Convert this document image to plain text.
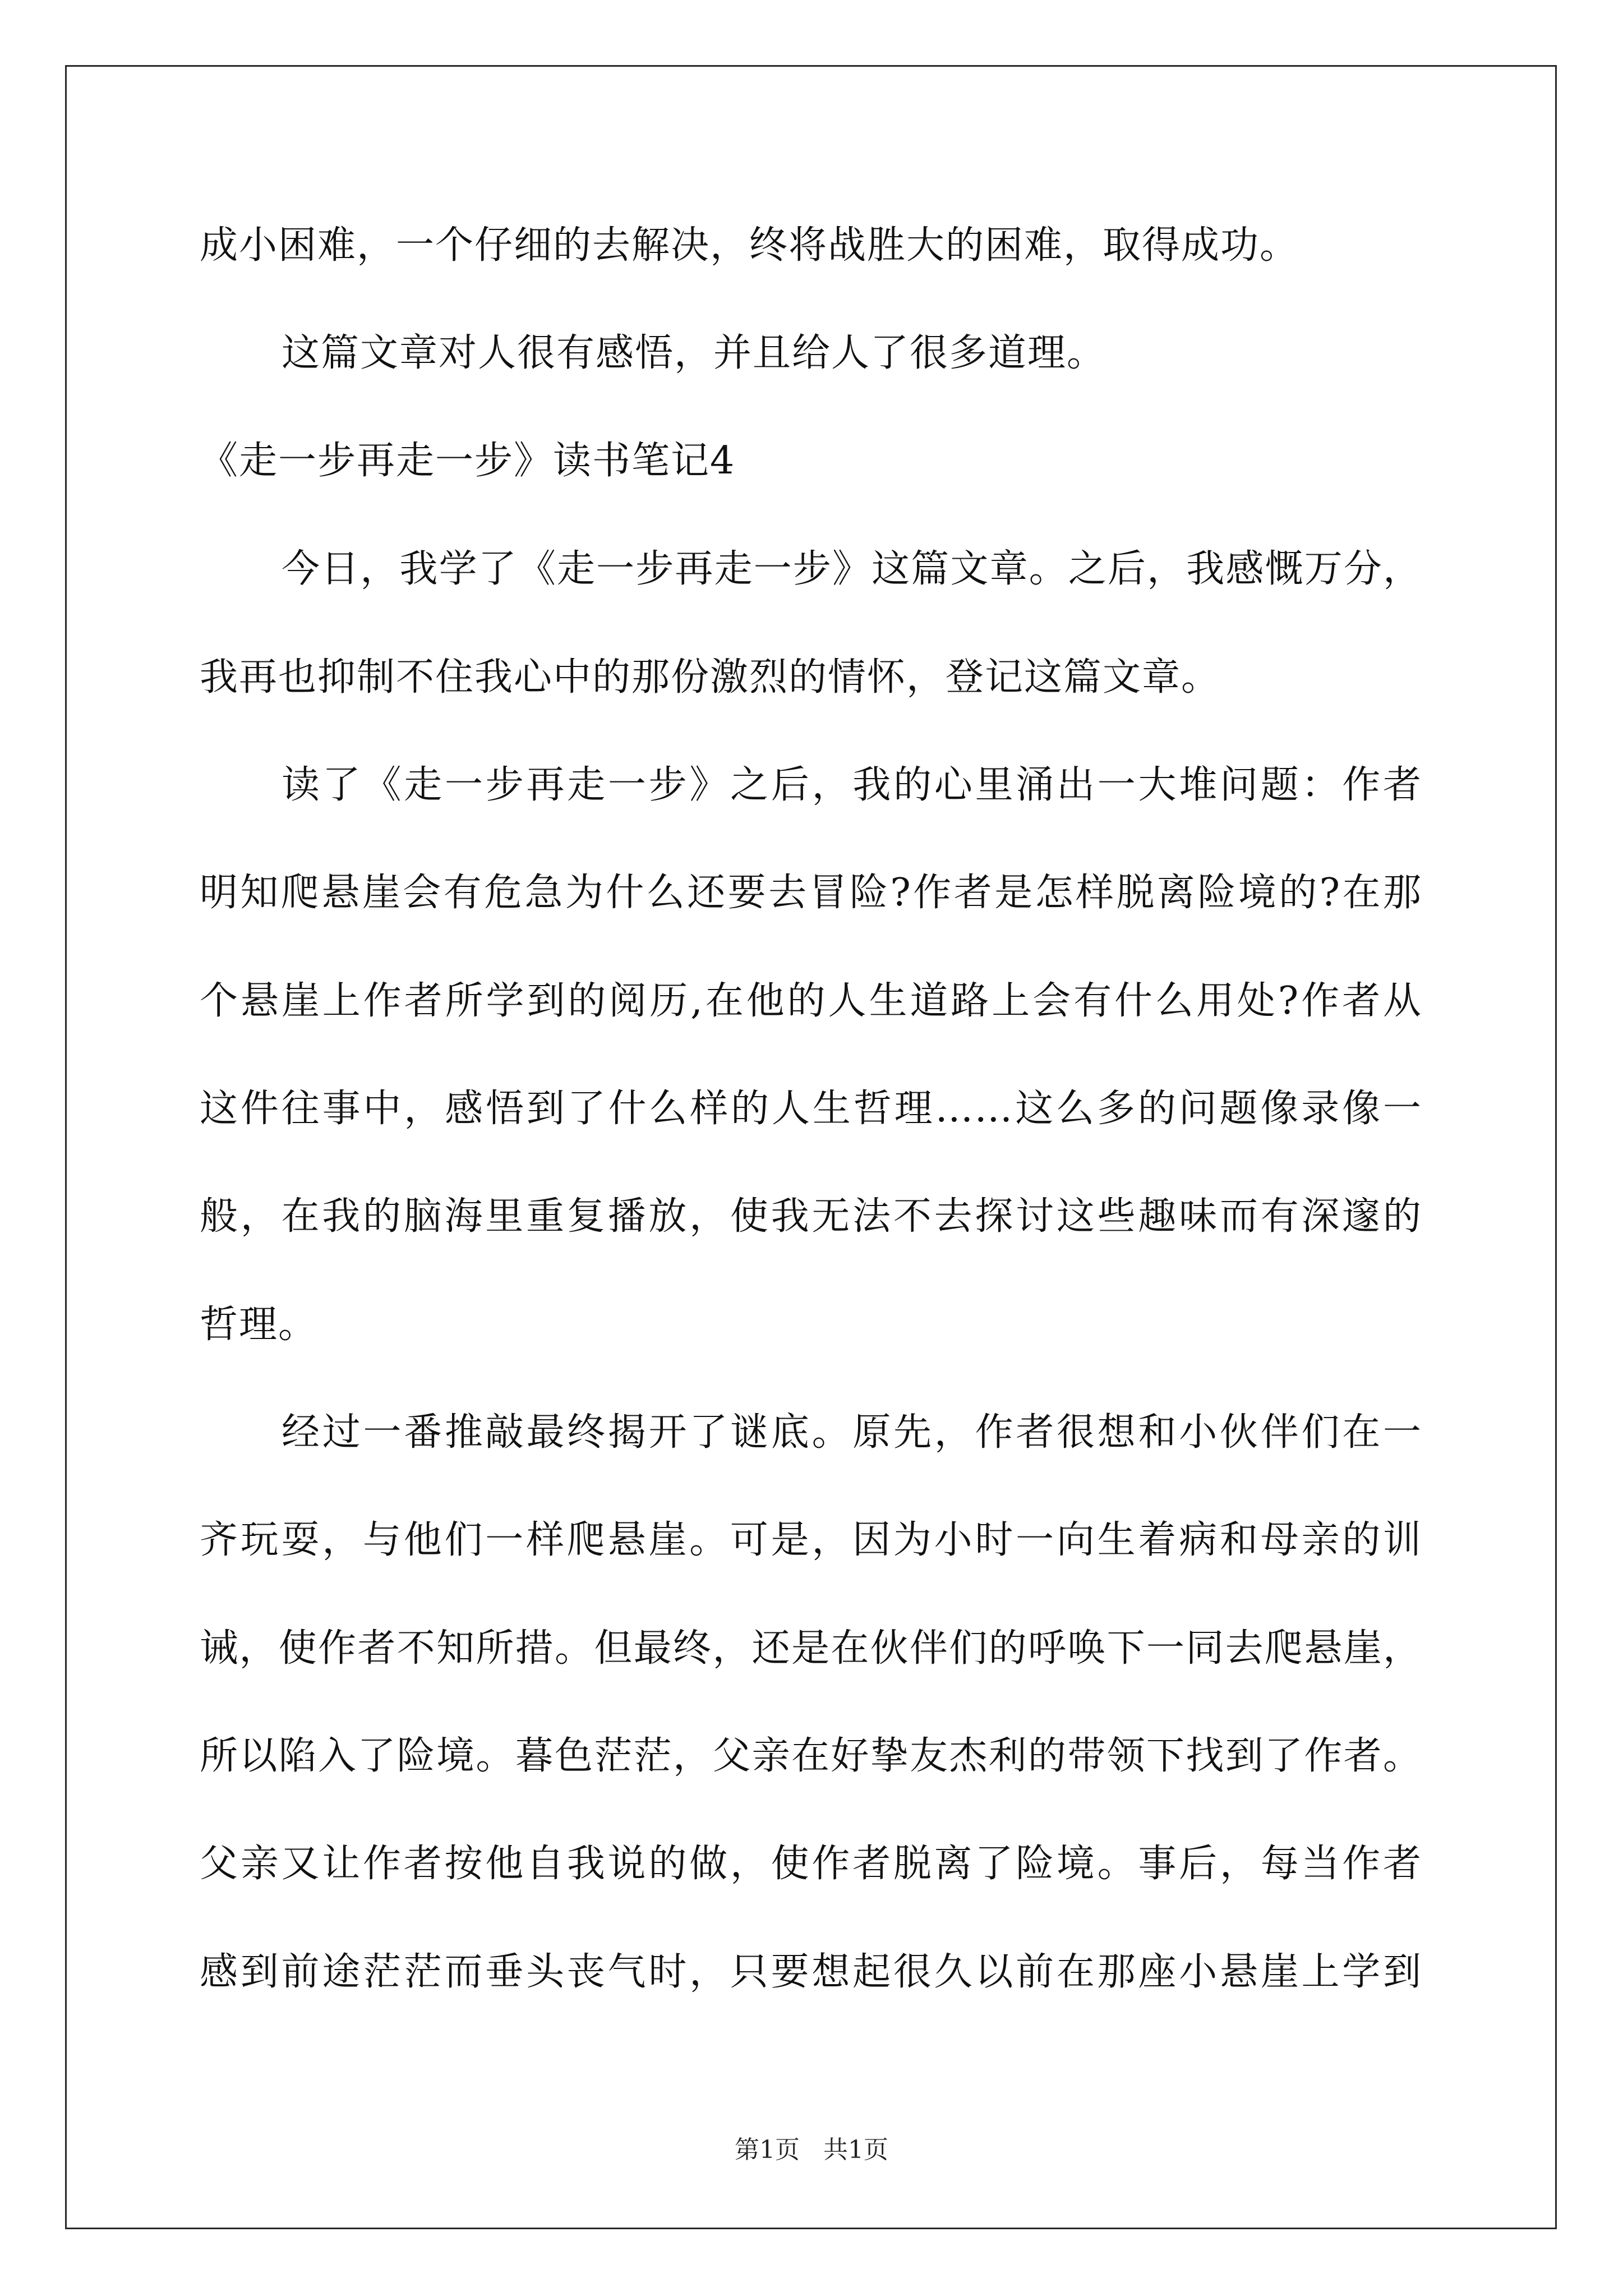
成小困难，一个仔细的去解决，终将战胜大的困难，取得成功。
这篇文章对人很有感悟，并且给人了很多道理。
《走一步再走一步》读书笔记4
今日，我学了《走一步再走一步》这篇文章。之后，我感慨万分，
我再也抑制不住我心中的那份激烈的情怀，登记这篇文章。
读了《走一步再走一步》之后，我的心里涌出一大堆问题：作者
明知爬悬崖会有危急为什么还要去冒险?作者是怎样脱离险境的?在那
个悬崖上作者所学到的阅历,在他的人生道路上会有什么用处?作者从
这件往事中，感悟到了什么样的人生哲理……这么多的问题像录像一
般，在我的脑海里重复播放，使我无法不去探讨这些趣味而有深邃的
哲理。
经过一番推敲最终揭开了谜底。原先，作者很想和小伙伴们在一
齐玩耍，与他们一样爬悬崖。可是，因为小时一向生着病和母亲的训
诫，使作者不知所措。但最终，还是在伙伴们的呼唤下一同去爬悬崖，
所以陷入了险境。暮色茫茫，父亲在好挚友杰利的带领下找到了作者。
父亲又让作者按他自我说的做，使作者脱离了险境。事后，每当作者
感到前途茫茫而垂头丧气时，只要想起很久以前在那座小悬崖上学到
第1页   共1页
